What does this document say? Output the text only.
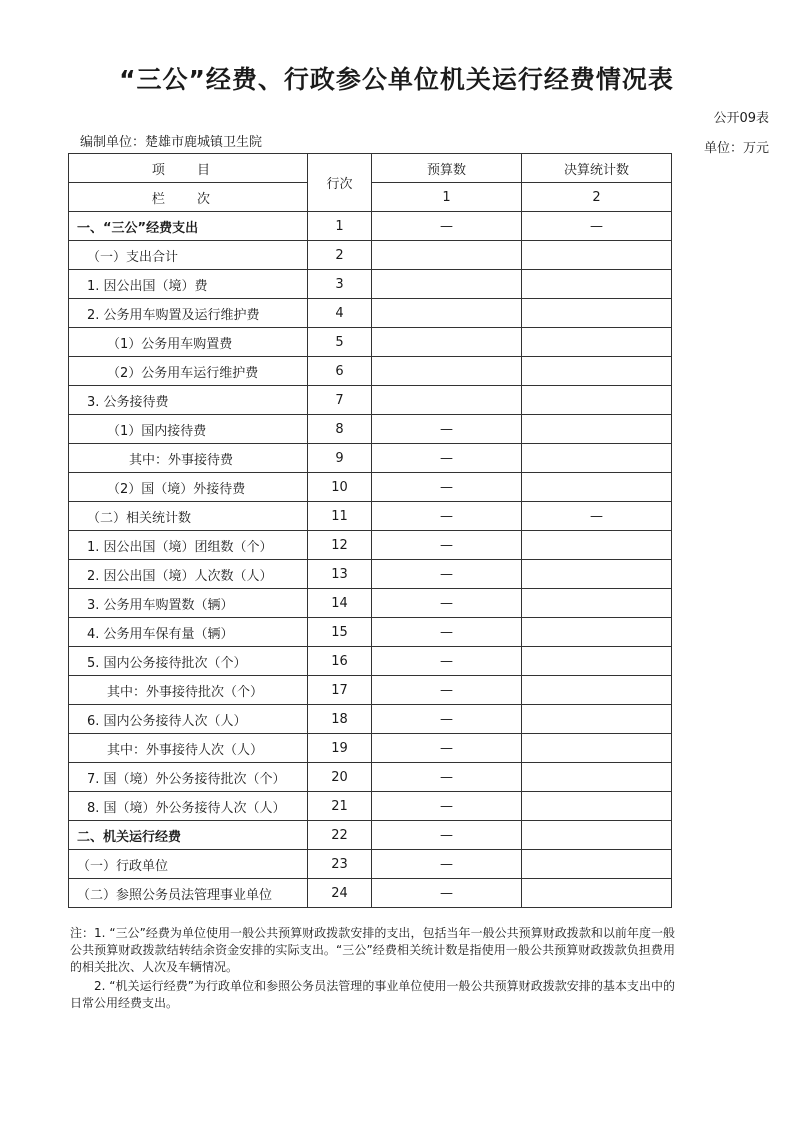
“三公”经费、行政参公单位机关运行经费情况表
公开09表
编制单位：楚雄市鹿城镇卫生院	单位：万元
项 目	行次	预算数	决算统计数
栏 次		1	2
一、“三公”经费支出	1	—	—
（一）支出合计	2		
1. 因公出国（境）费	3		
2. 公务用车购置及运行维护费	4		
（1）公务用车购置费	5		
（2）公务用车运行维护费	6		
3. 公务接待费	7		
（1）国内接待费	8	—	
其中：外事接待费	9	—	
（2）国（境）外接待费	10	—	
（二）相关统计数	11	—	—
1. 因公出国（境）团组数（个）	12	—	
2. 因公出国（境）人次数（人）	13	—	
3. 公务用车购置数（辆）	14	—	
4. 公务用车保有量（辆）	15	—	
5. 国内公务接待批次（个）	16	—	
其中：外事接待批次（个）	17	—	
6. 国内公务接待人次（人）	18	—	
其中：外事接待人次（人）	19	—	
7. 国（境）外公务接待批次（个）	20	—	
8. 国（境）外公务接待人次（人）	21	—	
二、机关运行经费	22	—	
（一）行政单位	23	—	
（二）参照公务员法管理事业单位	24	—	

注：1. “三公”经费为单位使用一般公共预算财政拨款安排的支出，包括当年一般公共预算财政拨款和以前年度一般公共预算财政拨款结转结余资金安排的实际支出。“三公”经费相关统计数是指使用一般公共预算财政拨款负担费用的相关批次、人次及车辆情况。

2. “机关运行经费”为行政单位和参照公务员法管理的事业单位使用一般公共预算财政拨款安排的基本支出中的日常公用经费支出。
